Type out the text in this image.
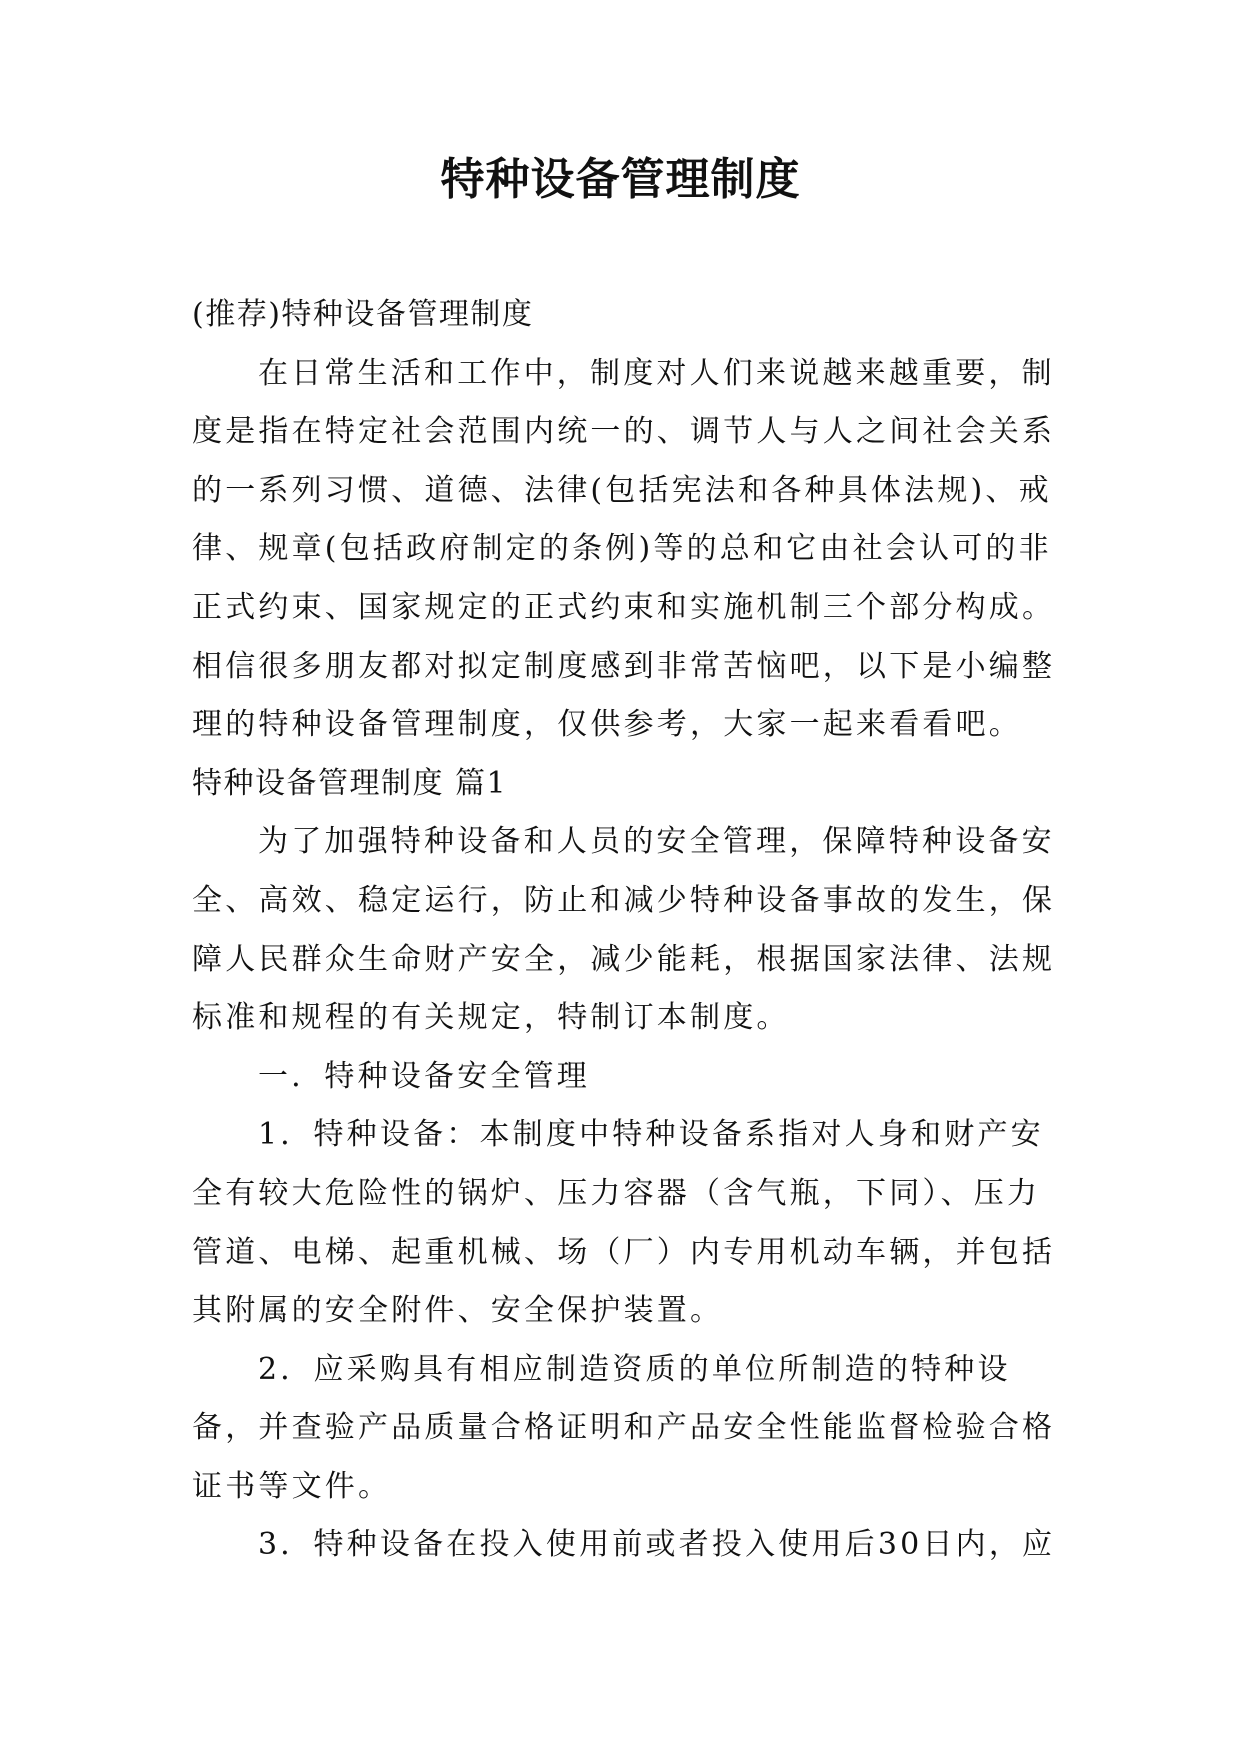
特种设备管理制度

(推荐)特种设备管理制度

在日常生活和工作中，制度对人们来说越来越重要，制度是指在特定社会范围内统一的、调节人与人之间社会关系的一系列习惯、道德、法律(包括宪法和各种具体法规)、戒律、规章(包括政府制定的条例)等的总和它由社会认可的非正式约束、国家规定的正式约束和实施机制三个部分构成。相信很多朋友都对拟定制度感到非常苦恼吧，以下是小编整理的特种设备管理制度，仅供参考，大家一起来看看吧。

特种设备管理制度 篇1

为了加强特种设备和人员的安全管理，保障特种设备安全、高效、稳定运行，防止和减少特种设备事故的发生，保障人民群众生命财产安全，减少能耗，根据国家法律、法规标准和规程的有关规定，特制订本制度。

一．特种设备安全管理

1．特种设备：本制度中特种设备系指对人身和财产安全有较大危险性的锅炉、压力容器（含气瓶，下同）、压力管道、电梯、起重机械、场（厂）内专用机动车辆，并包括其附属的安全附件、安全保护装置。

2．应采购具有相应制造资质的单位所制造的特种设备，并查验产品质量合格证明和产品安全性能监督检验合格证书等文件。

3．特种设备在投入使用前或者投入使用后30日内，应
